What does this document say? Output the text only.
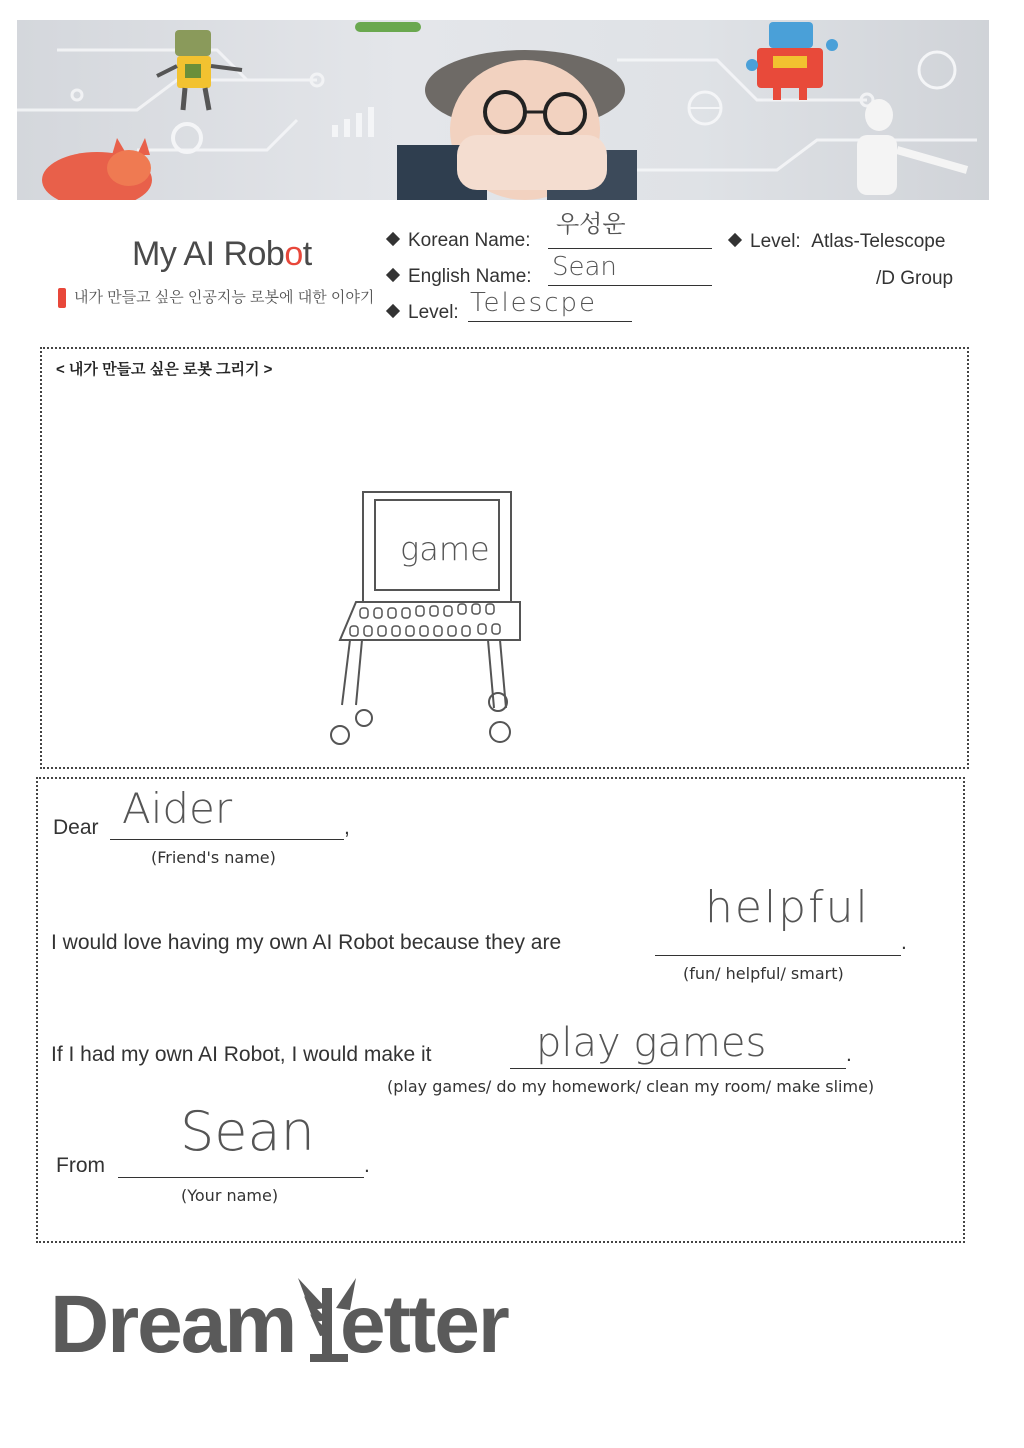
My AI Robot
내가 만들고 싶은 인공지능 로봇에 대한 이야기
Korean Name:
우성운
English Name: Sean
Level: Telescpe
Level: Atlas-Telescope
/D Group
< 내가 만들고 싶은 로봇 그리기 >
game
Dear	,
Aider
(Friend's name)
I would love having my own AI Robot because they are	.
helpful
(fun/ helpful/ smart)
If I had my own AI Robot, I would make it	.
play games
(play games/ do my homework/ clean my room/ make slime)
From	.
Sean
(Your name)
Dream etter
